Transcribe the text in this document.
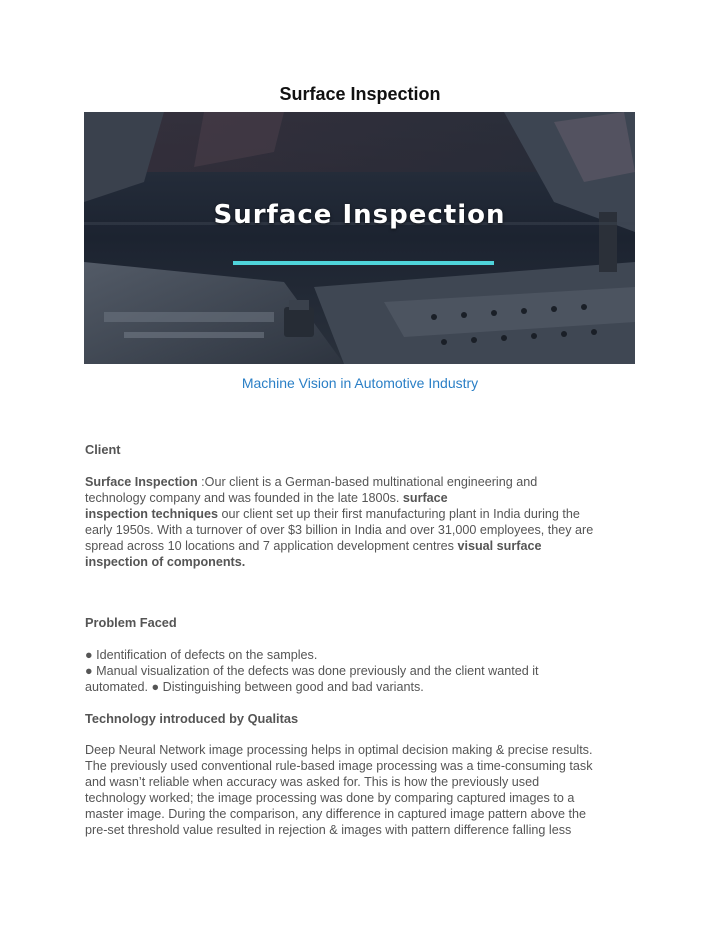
Surface Inspection
Surface Inspection
Machine Vision in Automotive Industry
Client
Surface Inspection :Our client is a German-based multinational engineering and
technology company and was founded in the late 1800s. surface
inspection techniques our client set up their first manufacturing plant in India during the
early 1950s. With a turnover of over $3 billion in India and over 31,000 employees, they are
spread across 10 locations and 7 application development centres visual surface
inspection of components.
Problem Faced
● Identification of defects on the samples.
● Manual visualization of the defects was done previously and the client wanted it
automated. ● Distinguishing between good and bad variants.
Technology introduced by Qualitas
Deep Neural Network image processing helps in optimal decision making & precise results.
The previously used conventional rule-based image processing was a time-consuming task
and wasn’t reliable when accuracy was asked for. This is how the previously used
technology worked; the image processing was done by comparing captured images to a
master image. During the comparison, any difference in captured image pattern above the
pre-set threshold value resulted in rejection & images with pattern difference falling less
